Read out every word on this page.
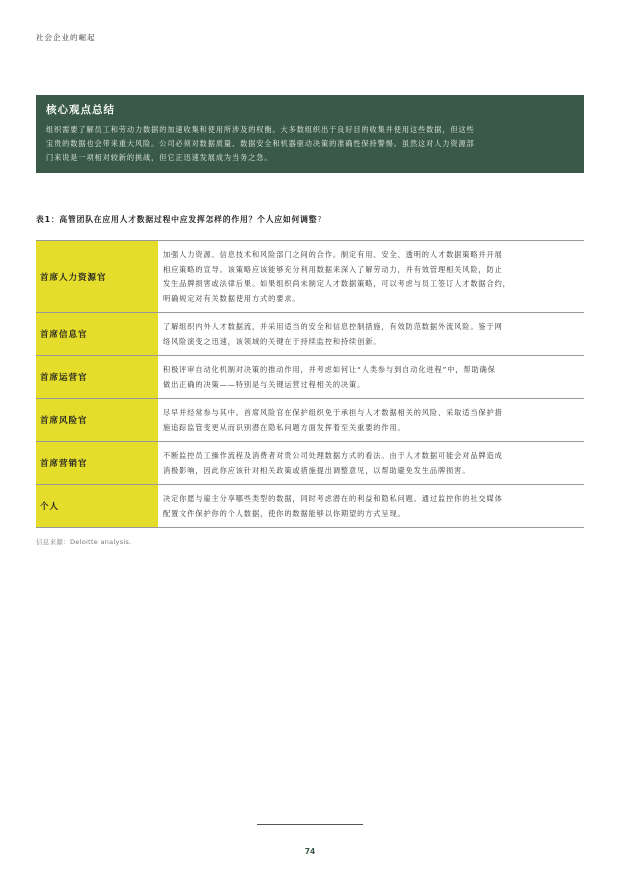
社会企业的崛起
核心观点总结
组织需要了解员工和劳动力数据的加速收集和使用所涉及的权衡。大多数组织出于良好目的收集并使用这些数据，但这些
宝贵的数据也会带来重大风险。公司必须对数据质量、数据安全和机器驱动决策的准确性保持警惕。虽然这对人力资源部
门来说是一项相对较新的挑战，但它正迅速发展成为当务之急。
表1：高管团队在应用人才数据过程中应发挥怎样的作用？个人应如何调整?
首席人力资源官
加强人力资源、信息技术和风险部门之间的合作。制定有用、安全、透明的人才数据策略并开展
相应策略的宣导。该策略应该能够充分利用数据来深入了解劳动力，并有效管理相关风险，防止
发生品牌损害或法律后果。如果组织尚未制定人才数据策略，可以考虑与员工签订人才数据合约，
明确规定对有关数据使用方式的要求。
首席信息官
了解组织内外人才数据流，并采用适当的安全和信息控制措施，有效防范数据外流风险。鉴于网
络风险演变之迅速，该领域的关键在于持续监控和持续创新。
首席运营官
积极评审自动化机制对决策的推动作用，并考虑如何让“人类参与到自动化进程”中，帮助确保
做出正确的决策——特别是与关键运营过程相关的决策。
首席风险官
尽早并经常参与其中。首席风险官在保护组织免于承担与人才数据相关的风险、采取适当保护措
施追踪监管变更从而识别潜在隐私问题方面发挥着至关重要的作用。
首席营销官
不断监控员工操作流程及消费者对贵公司处理数据方式的看法。由于人才数据可能会对品牌造成
消极影响，因此你应该针对相关政策或措施提出调整意见，以帮助避免发生品牌损害。
个人
决定你愿与雇主分享哪些类型的数据，同时考虑潜在的利益和隐私问题。通过监控你的社交媒体
配置文件保护你的个人数据，使你的数据能够以你期望的方式呈现。
信息来源：Deloitte analysis.
74
